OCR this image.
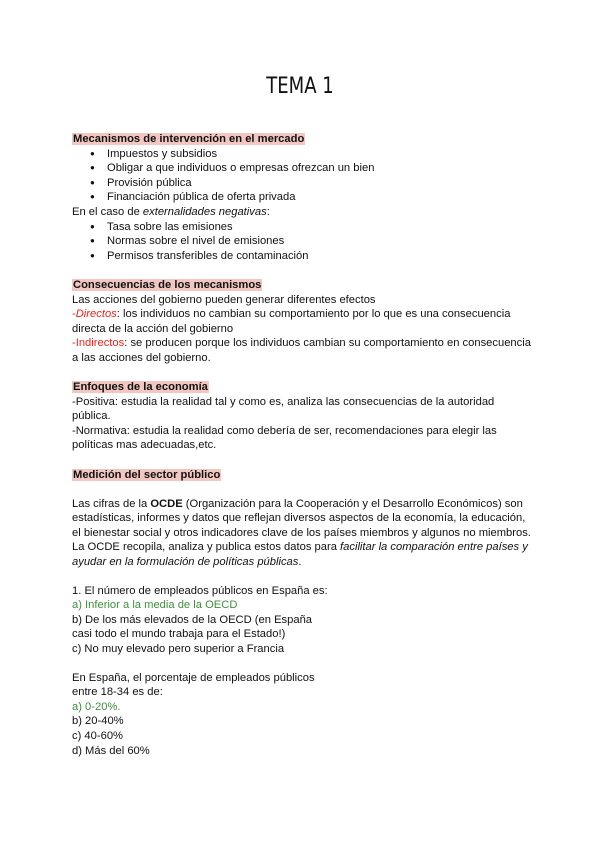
TEMA 1
Mecanismos de intervención en el mercado
● Impuestos y subsidios
● Obligar a que individuos o empresas ofrezcan un bien
● Provisión pública
● Financiación pública de oferta privada

En el caso de externalidades negativas:

● Tasa sobre las emisiones
● Normas sobre el nivel de emisiones
● Permisos transferibles de contaminación
Consecuencias de los mecanismos

Las acciones del gobierno pueden generar diferentes efectos

-Directos: los individuos no cambian su comportamiento por lo que es una consecuencia directa de la acción del gobierno

-Indirectos: se producen porque los individuos cambian su comportamiento en consecuencia a las acciones del gobierno.

Enfoques de la economía

-Positiva: estudia la realidad tal y como es, analiza las consecuencias de la autoridad pública.

-Normativa: estudia la realidad como debería de ser, recomendaciones para elegir las políticas mas adecuadas,etc.

Medición del sector público

Las cifras de la OCDE (Organización para la Cooperación y el Desarrollo Económicos) son estadísticas, informes y datos que reflejan diversos aspectos de la economía, la educación, el bienestar social y otros indicadores clave de los países miembros y algunos no miembros. La OCDE recopila, analiza y publica estos datos para facilitar la comparación entre países y ayudar en la formulación de políticas públicas.

1. El número de empleados públicos en España es:

a) Inferior a la media de la OECD

b) De los más elevados de la OECD (en España

casi todo el mundo trabaja para el Estado!)

c) No muy elevado pero superior a Francia

En España, el porcentaje de empleados públicos

entre 18-34 es de:

a) 0-20%.

b) 20-40%

c) 40-60%

d) Más del 60%
